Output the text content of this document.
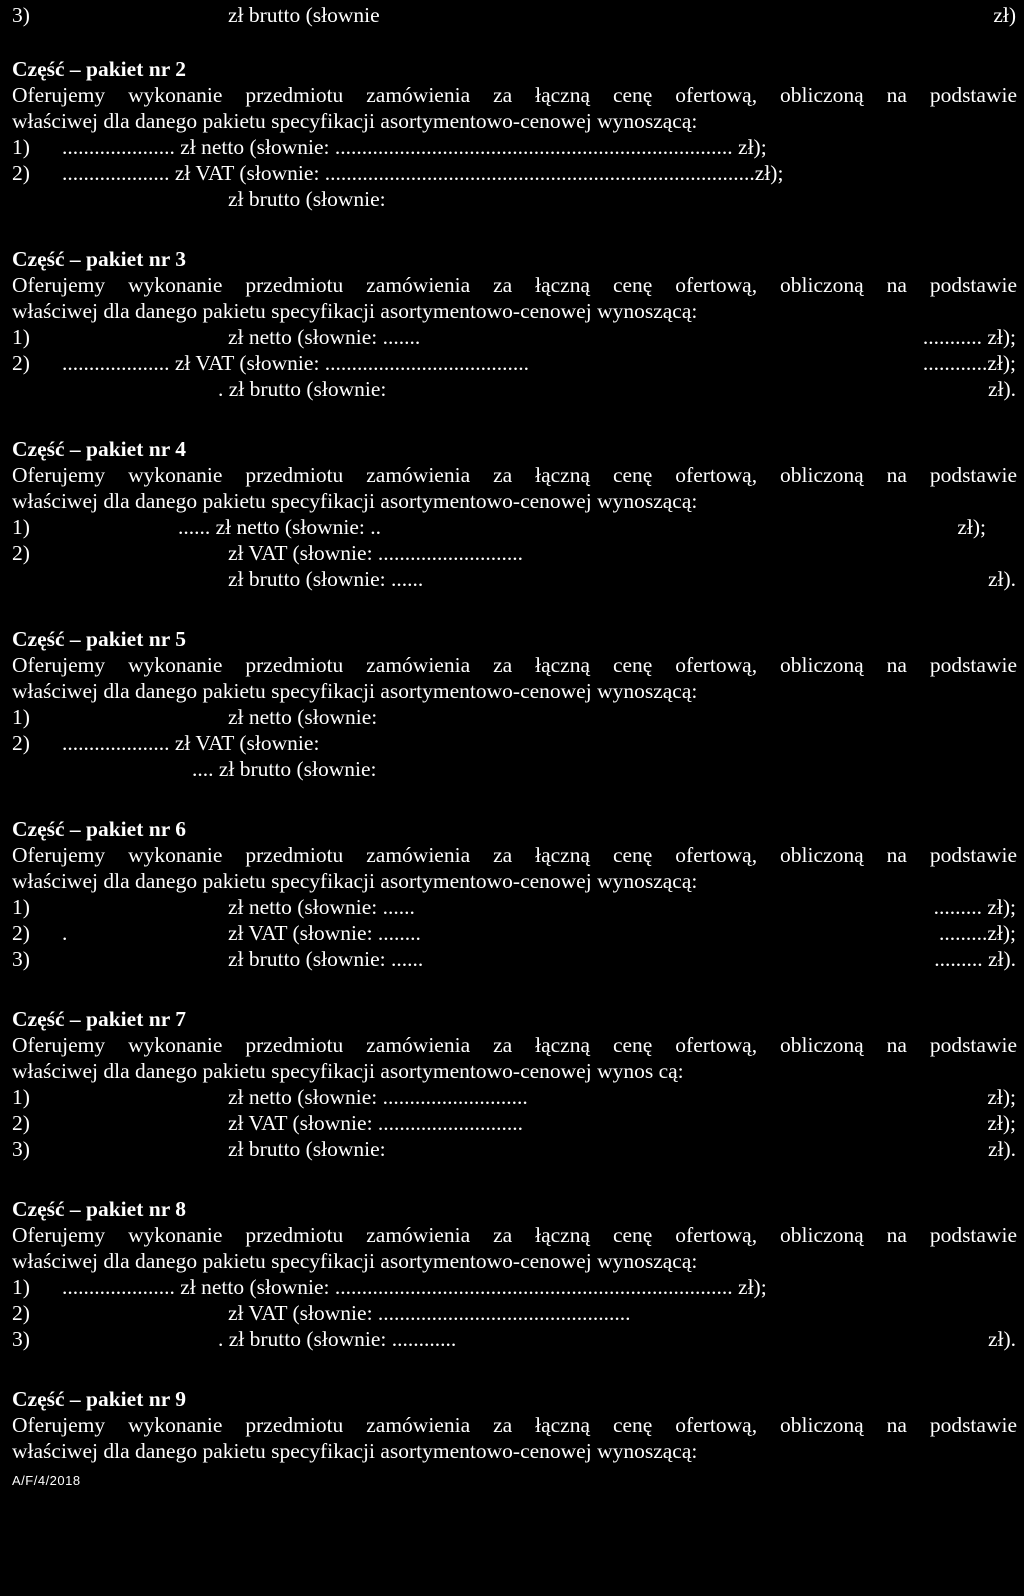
3)	zł brutto (słownie	zł)
Część – pakiet nr 2
Oferujemy wykonanie przedmiotu zamówienia za łączną cenę ofertową, obliczoną na podstawie
właściwej dla danego pakietu specyfikacji asortymentowo-cenowej wynoszącą:
1) ..................... zł netto (słownie: .......................................................................... zł);
2) .................... zł VAT (słownie: ................................................................................zł);
zł brutto (słownie:
Część – pakiet nr 3
Oferujemy wykonanie przedmiotu zamówienia za łączną cenę ofertową, obliczoną na podstawie
właściwej dla danego pakietu specyfikacji asortymentowo-cenowej wynoszącą:
1)	zł netto (słownie: .......	........... zł);
2) .................... zł VAT (słownie: ......................................	............zł);
. zł brutto (słownie:	zł).
Część – pakiet nr 4
Oferujemy wykonanie przedmiotu zamówienia za łączną cenę ofertową, obliczoną na podstawie
właściwej dla danego pakietu specyfikacji asortymentowo-cenowej wynoszącą:
1)	...... zł netto (słownie: ..	zł);
2)	zł VAT (słownie: ...........................
zł brutto (słownie: ......	zł).
Część – pakiet nr 5
Oferujemy wykonanie przedmiotu zamówienia za łączną cenę ofertową, obliczoną na podstawie
właściwej dla danego pakietu specyfikacji asortymentowo-cenowej wynoszącą:
1)	zł netto (słownie:
2) .................... zł VAT (słownie:
.... zł brutto (słownie:
Część – pakiet nr 6
Oferujemy wykonanie przedmiotu zamówienia za łączną cenę ofertową, obliczoną na podstawie
właściwej dla danego pakietu specyfikacji asortymentowo-cenowej wynoszącą:
1)	zł netto (słownie: ......	......... zł);
2) .	zł VAT (słownie: ........	.........zł);
3)	zł brutto (słownie: ......	......... zł).
Część – pakiet nr 7
Oferujemy wykonanie przedmiotu zamówienia za łączną cenę ofertową, obliczoną na podstawie
właściwej dla danego pakietu specyfikacji asortymentowo-cenowej wynos cą:
1)	zł netto (słownie: ...........................	zł);
2)	zł VAT (słownie: ...........................	zł);
3)	zł brutto (słownie:	zł).
Część – pakiet nr 8
Oferujemy wykonanie przedmiotu zamówienia za łączną cenę ofertową, obliczoną na podstawie
właściwej dla danego pakietu specyfikacji asortymentowo-cenowej wynoszącą:
1) ..................... zł netto (słownie: .......................................................................... zł);
2)	zł VAT (słownie: ...............................................
3)	. zł brutto (słownie: ............	zł).
Część – pakiet nr 9
Oferujemy wykonanie przedmiotu zamówienia za łączną cenę ofertową, obliczoną na podstawie
właściwej dla danego pakietu specyfikacji asortymentowo-cenowej wynoszącą:
A/F/4/2018
